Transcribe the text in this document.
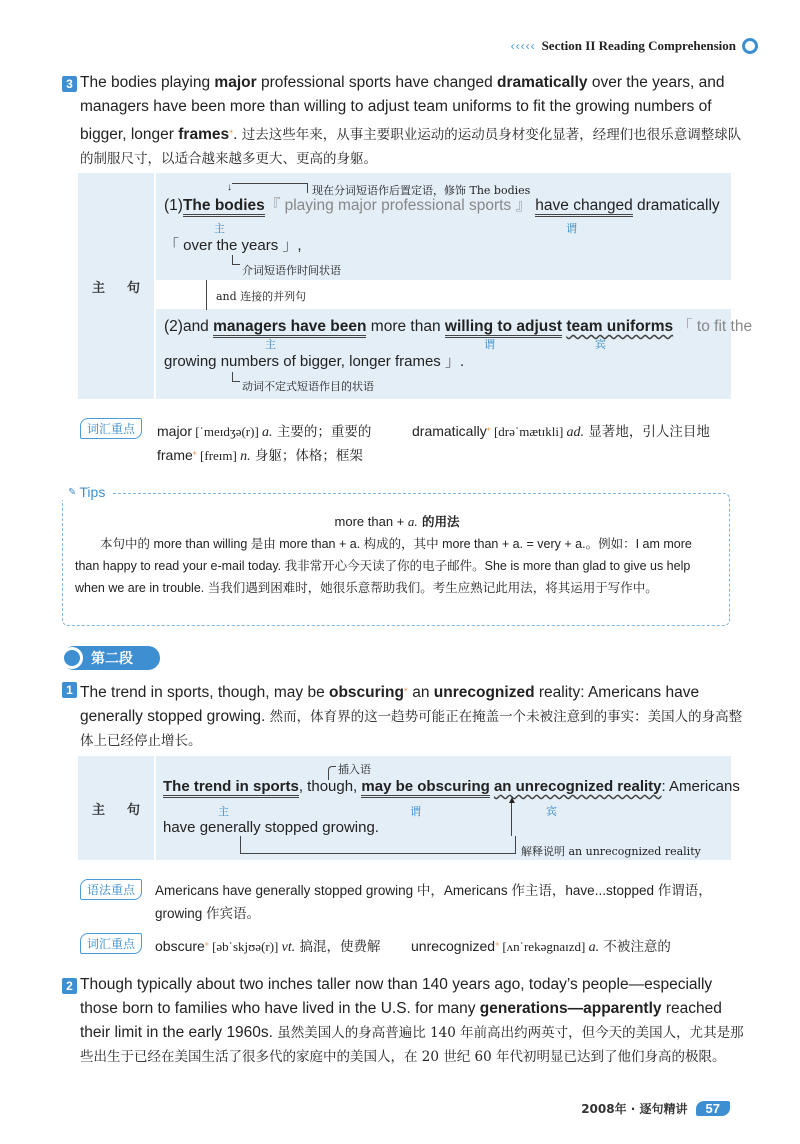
‹‹‹‹‹ Section II Reading Comprehension
3 The bodies playing major professional sports have changed dramatically over the years, and managers have been more than willing to adjust team uniforms to fit the growing numbers of bigger, longer frames⁎. 过去这些年来，从事主要职业运动的运动员身材变化显著，经理们也很乐意调整球队的制服尺寸，以适合越来越多更大、更高的身躯。
主 句
↓	现在分词短语作后置定语，修饰 The bodies
(1)The bodies『 playing major professional sports 』 have changed dramatically
主	谓
「 over the years 」,
介词短语作时间状语
and 连接的并列句
(2)and managers have been more than willing to adjust team uniforms 「 to fit the
主	谓	宾
growing numbers of bigger, longer frames 」.
动词不定式短语作目的状语
词汇重点	major [ˈmeɪdʒə(r)] a. 主要的；重要的	dramatically⁎ [drəˈmætɪkli] ad. 显著地，引人注目地
frame⁎ [freɪm] n. 身躯；体格；框架
✎ Tips
more than + a. 的用法
本句中的 more than willing 是由 more than + a. 构成的，其中 more than + a. = very + a.。例如：I am more than happy to read your e-mail today. 我非常开心今天读了你的电子邮件。She is more than glad to give us help when we are in trouble. 当我们遇到困难时，她很乐意帮助我们。考生应熟记此用法，将其运用于写作中。
第二段
1 The trend in sports, though, may be obscuring⁎ an unrecognized reality: Americans have generally stopped growing. 然而，体育界的这一趋势可能正在掩盖一个未被注意到的事实：美国人的身高整体上已经停止增长。
主 句
插入语
The trend in sports, though, may be obscuring an unrecognized reality: Americans
主	谓	宾
have generally stopped growing.
▲
解释说明 an unrecognized reality
语法重点	Americans have generally stopped growing 中，Americans 作主语，have...stopped 作谓语，growing 作宾语。
词汇重点	obscure⁎ [əbˈskjʊə(r)] vt. 搞混，使费解 unrecognized⁎ [ʌnˈrekəgnaɪzd] a. 不被注意的
2 Though typically about two inches taller now than 140 years ago, today’s people—especially those born to families who have lived in the U.S. for many generations—apparently reached their limit in the early 1960s. 虽然美国人的身高普遍比 140 年前高出约两英寸，但今天的美国人，尤其是那些出生于已经在美国生活了很多代的家庭中的美国人，在 20 世纪 60 年代初明显已达到了他们身高的极限。
2008年 · 逐句精讲	57
